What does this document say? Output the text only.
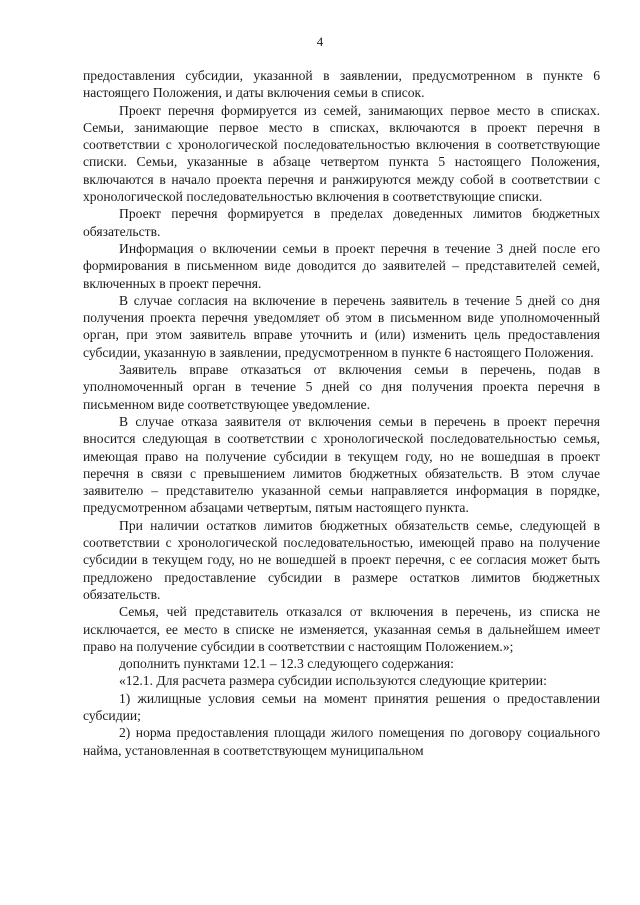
4

предоставления субсидии, указанной в заявлении, предусмотренном в пункте 6 настоящего Положения, и даты включения семьи в список.

Проект перечня формируется из семей, занимающих первое место в списках. Семьи, занимающие первое место в списках, включаются в проект перечня в соответствии с хронологической последовательностью включения в соответствующие списки. Семьи, указанные в абзаце четвертом пункта 5 настоящего Положения, включаются в начало проекта перечня и ранжируются между собой в соответствии с хронологической последовательностью включения в соответствующие списки.

Проект перечня формируется в пределах доведенных лимитов бюджетных обязательств.

Информация о включении семьи в проект перечня в течение 3 дней после его формирования в письменном виде доводится до заявителей – представителей семей, включенных в проект перечня.

В случае согласия на включение в перечень заявитель в течение 5 дней со дня получения проекта перечня уведомляет об этом в письменном виде уполномоченный орган, при этом заявитель вправе уточнить и (или) изменить цель предоставления субсидии, указанную в заявлении, предусмотренном в пункте 6 настоящего Положения.

Заявитель вправе отказаться от включения семьи в перечень, подав в уполномоченный орган в течение 5 дней со дня получения проекта перечня в письменном виде соответствующее уведомление.

В случае отказа заявителя от включения семьи в перечень в проект перечня вносится следующая в соответствии с хронологической последовательностью семья, имеющая право на получение субсидии в текущем году, но не вошедшая в проект перечня в связи с превышением лимитов бюджетных обязательств. В этом случае заявителю – представителю указанной семьи направляется информация в порядке, предусмотренном абзацами четвертым, пятым настоящего пункта.

При наличии остатков лимитов бюджетных обязательств семье, следующей в соответствии с хронологической последовательностью, имеющей право на получение субсидии в текущем году, но не вошедшей в проект перечня, с ее согласия может быть предложено предоставление субсидии в размере остатков лимитов бюджетных обязательств.

Семья, чей представитель отказался от включения в перечень, из списка не исключается, ее место в списке не изменяется, указанная семья в дальнейшем имеет право на получение субсидии в соответствии с настоящим Положением.»;

дополнить пунктами 12.1 – 12.3 следующего содержания:

«12.1. Для расчета размера субсидии используются следующие критерии:

1) жилищные условия семьи на момент принятия решения о предоставлении субсидии;

2) норма предоставления площади жилого помещения по договору социального найма, установленная в соответствующем муниципальном
